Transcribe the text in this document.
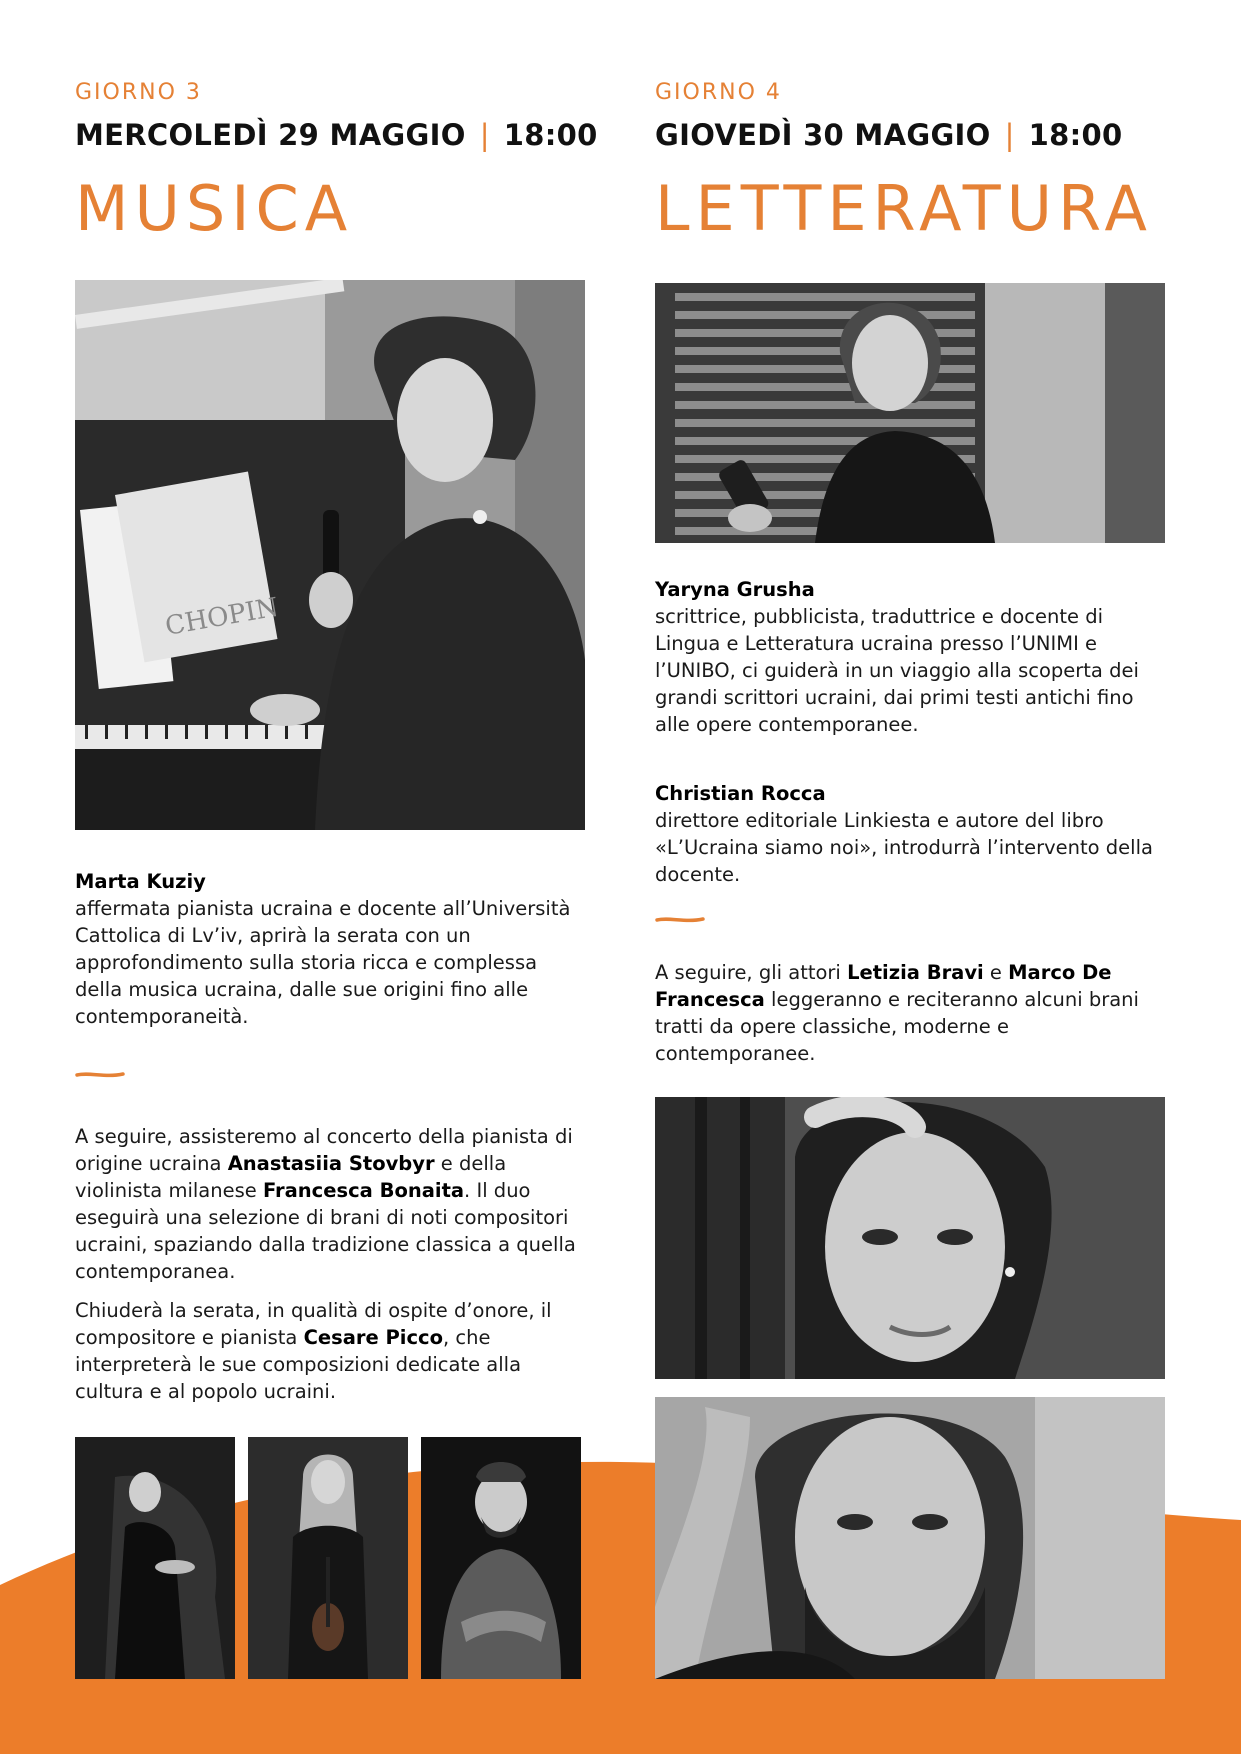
GIORNO 3
MERCOLEDÌ 29 MAGGIO | 18:00
MUSICA
CHOPIN

Marta Kuziy

affermata pianista ucraina e docente all’Università Cattolica di Lv’iv, aprirà la serata con un approfondimento sulla storia ricca e complessa della musica ucraina, dalle sue origini fino alle contemporaneità.

A seguire, assisteremo al concerto della pianista di origine ucraina Anastasiia Stovbyr e della violinista milanese Francesca Bonaita. Il duo eseguirà una selezione di brani di noti compositori ucraini, spaziando dalla tradizione classica a quella contemporanea.

Chiuderà la serata, in qualità di ospite d’onore, il compositore e pianista Cesare Picco, che interpreterà le sue composizioni dedicate alla cultura e al popolo ucraini.

GIORNO 4
GIOVEDÌ 30 MAGGIO | 18:00
LETTERATURA

Yaryna Grusha

scrittrice, pubblicista, traduttrice e docente di Lingua e Letteratura ucraina presso l’UNIMI e l’UNIBO, ci guiderà in un viaggio alla scoperta dei grandi scrittori ucraini, dai primi testi antichi fino alle opere contemporanee.

Christian Rocca

direttore editoriale Linkiesta e autore del libro «L’Ucraina siamo noi», introdurrà l’intervento della docente.

A seguire, gli attori Letizia Bravi e Marco De Francesca leggeranno e reciteranno alcuni brani tratti da opere classiche, moderne e contemporanee.
